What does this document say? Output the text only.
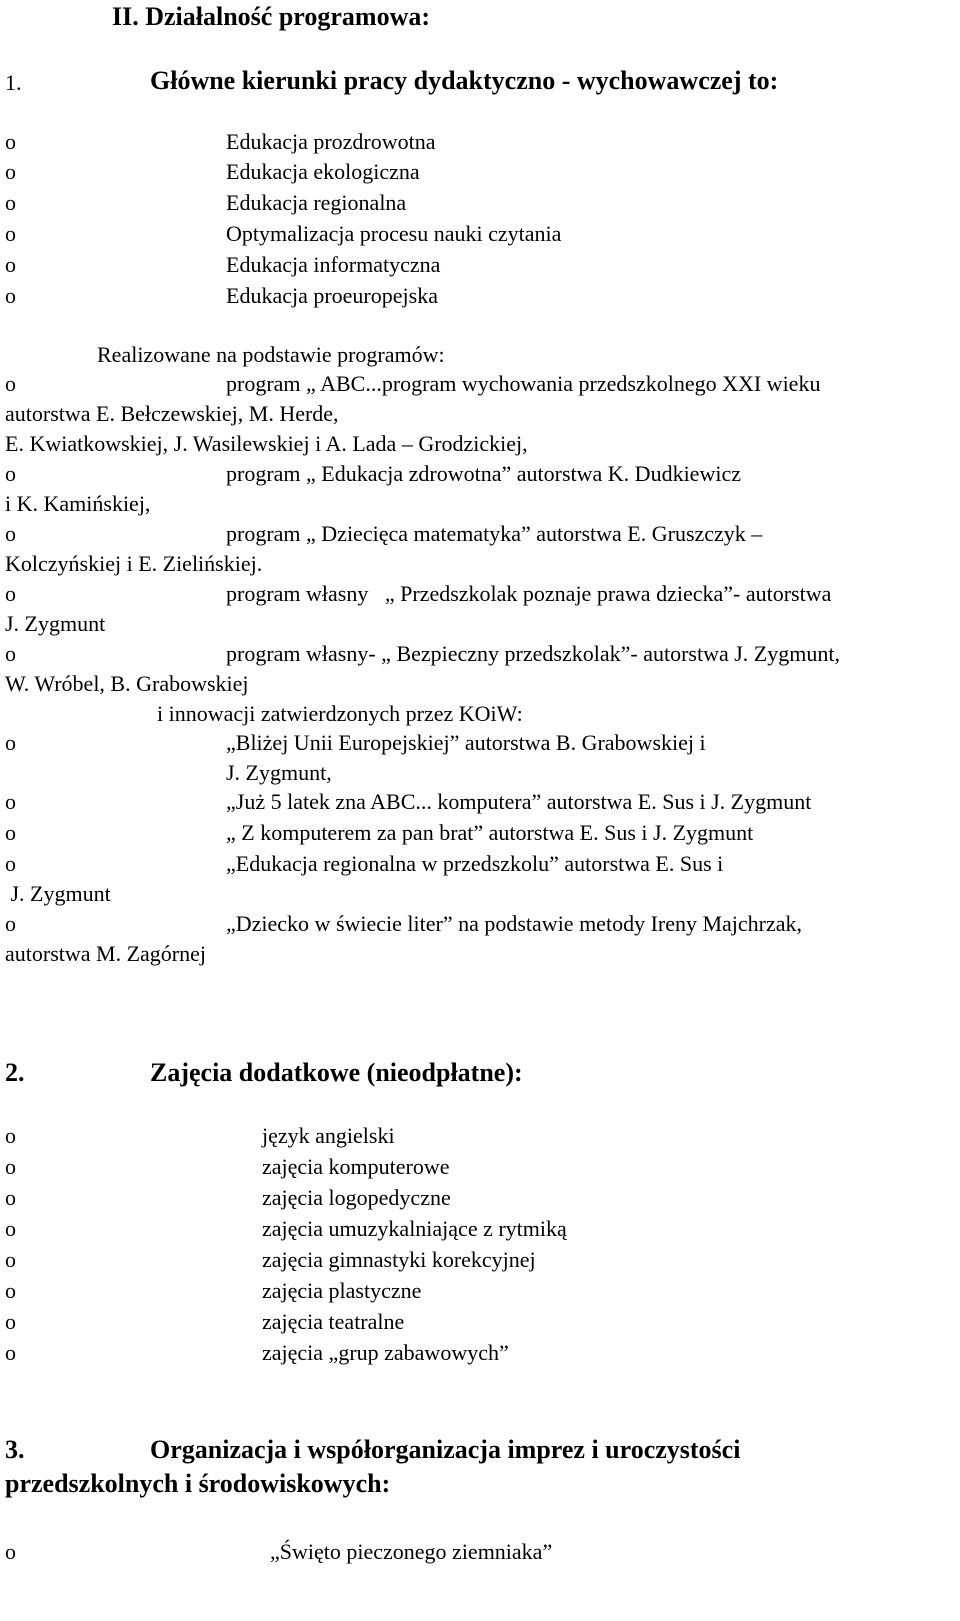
II. Działalność programowa:
1.	Główne kierunki pracy dydaktyczno - wychowawczej to:
o	Edukacja prozdrowotna
o	Edukacja ekologiczna
o	Edukacja regionalna
o	Optymalizacja procesu nauki czytania
o	Edukacja informatyczna
o	Edukacja proeuropejska
Realizowane na podstawie programów:
o	program „ ABC...program wychowania przedszkolnego XXI wieku
autorstwa E. Bełczewskiej, M. Herde,
E. Kwiatkowskiej, J. Wasilewskiej i A. Lada – Grodzickiej,
o	program „ Edukacja zdrowotna” autorstwa K. Dudkiewicz
i K. Kamińskiej,
o	program „ Dziecięca matematyka” autorstwa E. Gruszczyk –
Kolczyńskiej i E. Zielińskiej.
o	program własny   „ Przedszkolak poznaje prawa dziecka”- autorstwa
J. Zygmunt
o	program własny- „ Bezpieczny przedszkolak”- autorstwa J. Zygmunt,
W. Wróbel, B. Grabowskiej
i innowacji zatwierdzonych przez KOiW:
o	„Bliżej Unii Europejskiej” autorstwa B. Grabowskiej i
J. Zygmunt,
o	„Już 5 latek zna ABC... komputera” autorstwa E. Sus i J. Zygmunt
o	„ Z komputerem za pan brat” autorstwa E. Sus i J. Zygmunt
o	„Edukacja regionalna w przedszkolu” autorstwa E. Sus i
J. Zygmunt
o	„Dziecko w świecie liter” na podstawie metody Ireny Majchrzak,
autorstwa M. Zagórnej
2.	Zajęcia dodatkowe (nieodpłatne):
o	język angielski
o	zajęcia komputerowe
o	zajęcia logopedyczne
o	zajęcia umuzykalniające z rytmiką
o	zajęcia gimnastyki korekcyjnej
o	zajęcia plastyczne
o	zajęcia teatralne
o	zajęcia „grup zabawowych”
3.	Organizacja i współorganizacja imprez i uroczystości
przedszkolnych i środowiskowych:
o	„Święto pieczonego ziemniaka”
